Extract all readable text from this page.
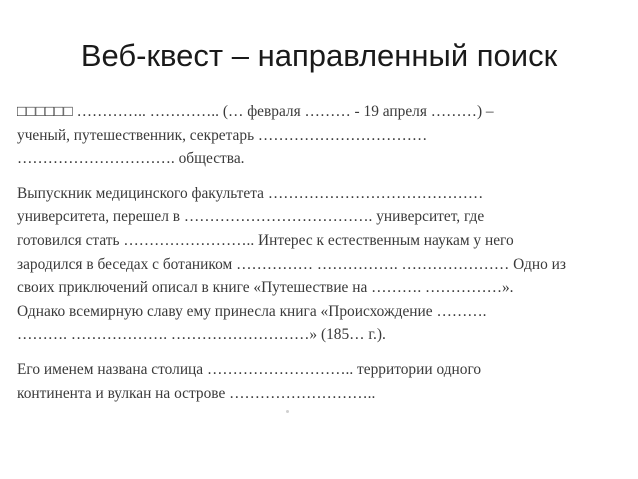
Веб-квест – направленный поиск
□□□□□□ ………….. ………….. (… февраля ……… - 19 апреля ………) –
ученый, путешественник, секретарь ……………………………
…………………………. общества.
Выпускник медицинского факультета ……………………………………
университета, перешел в ………………………………. университет, где
готовился стать …………………….. Интерес к естественным наукам у него
зародился в беседах с ботаником …………… ……………. ………………… Одно из
своих приключений описал в книге «Путешествие на ………. ……………».
Однако всемирную славу ему принесла книга «Происхождение ……….
………. ………………. ………………………» (185… г.).
Его именем названа столица ……………………….. территории одного
континента и вулкан на острове ………………………..
